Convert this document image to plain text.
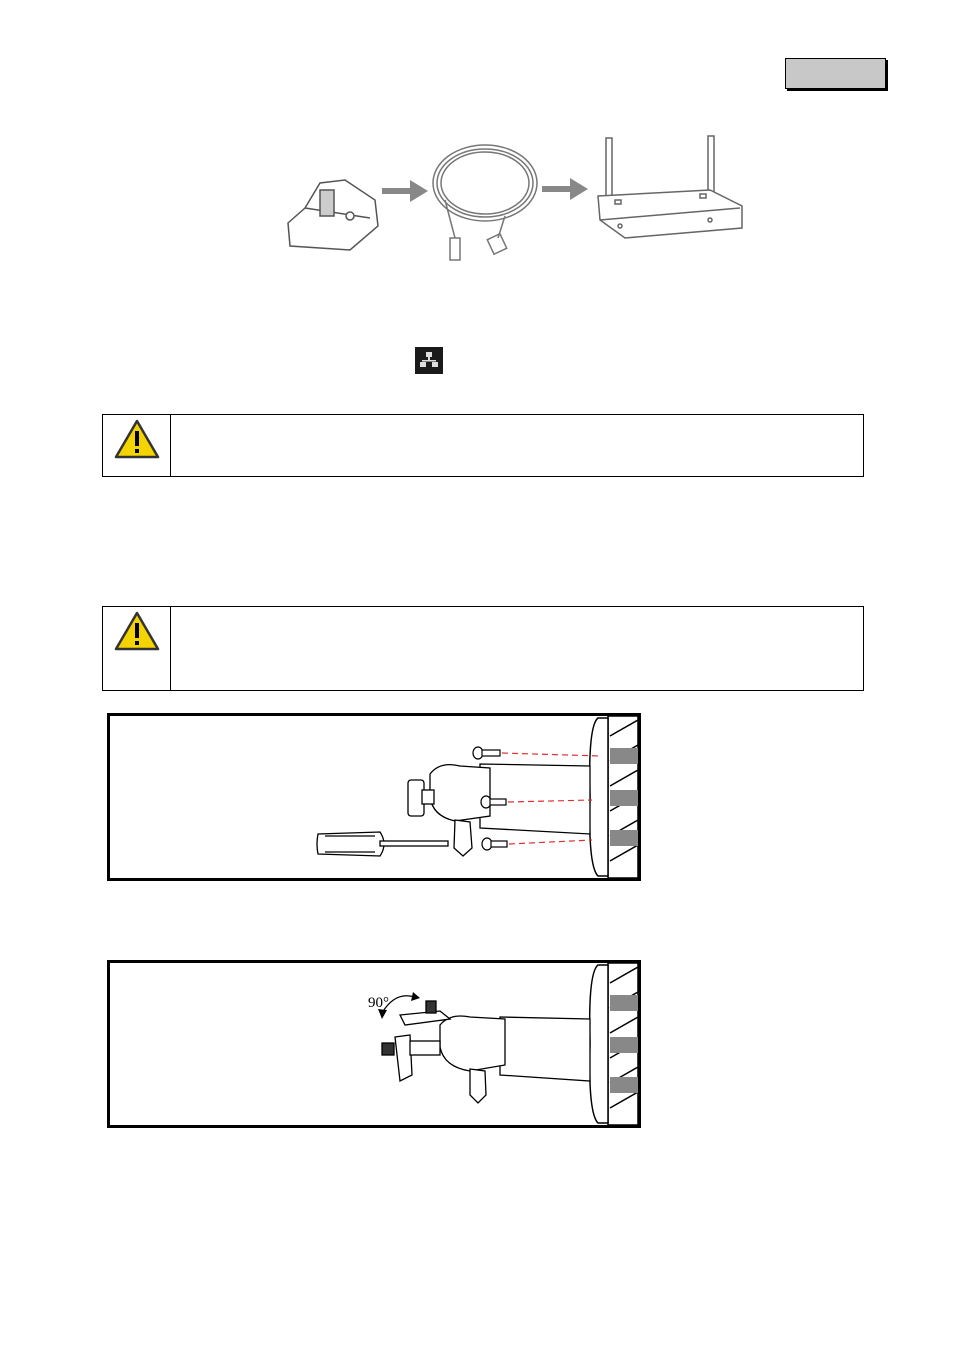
90°
